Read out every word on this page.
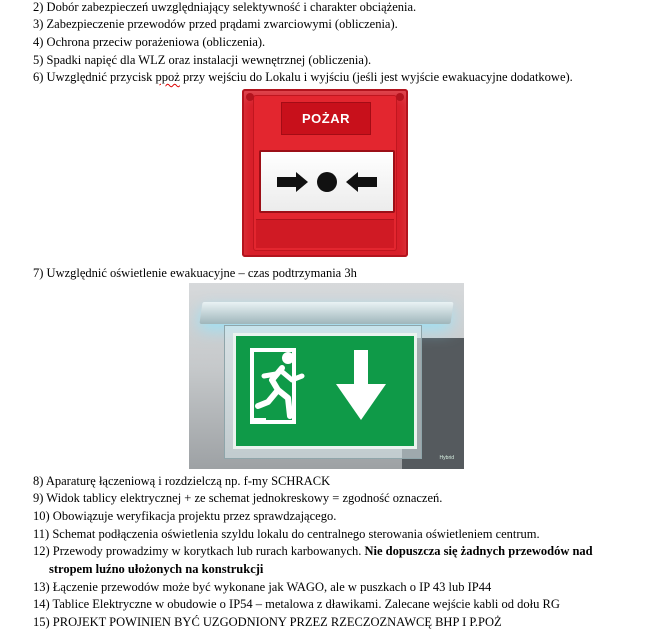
2) Dobór zabezpieczeń uwzględniający selektywność i charakter obciążenia.
3) Zabezpieczenie przewodów przed prądami zwarciowymi (obliczenia).
4) Ochrona przeciw porażeniowa (obliczenia).
5) Spadki napięć dla WLZ oraz instalacji wewnętrznej (obliczenia).
6) Uwzględnić przycisk ppoż przy wejściu do Lokalu i wyjściu (jeśli jest wyjście ewakuacyjne dodatkowe).
POŻAR
7) Uwzględnić oświetlenie ewakuacyjne – czas podtrzymania 3h
Hybrid
8) Aparaturę łączeniową i rozdzielczą np. f-my SCHRACK
9) Widok tablicy elektrycznej + ze schemat jednokreskowy = zgodność oznaczeń.
10) Obowiązuje weryfikacja projektu przez sprawdzającego.
11) Schemat podłączenia oświetlenia szyldu lokalu do centralnego sterowania oświetleniem centrum.
12) Przewody prowadzimy w korytkach lub rurach karbowanych. Nie dopuszcza się żadnych przewodów nad
stropem luźno ułożonych na konstrukcji
13) Łączenie przewodów może być wykonane jak WAGO, ale w puszkach o IP 43 lub IP44
14) Tablice Elektryczne w obudowie o IP54 – metalowa z dławikami. Zalecane wejście kabli od dołu RG
15) PROJEKT POWINIEN BYĆ UZGODNIONY PRZEZ RZECZOZNAWCĘ BHP I P.POŻ
